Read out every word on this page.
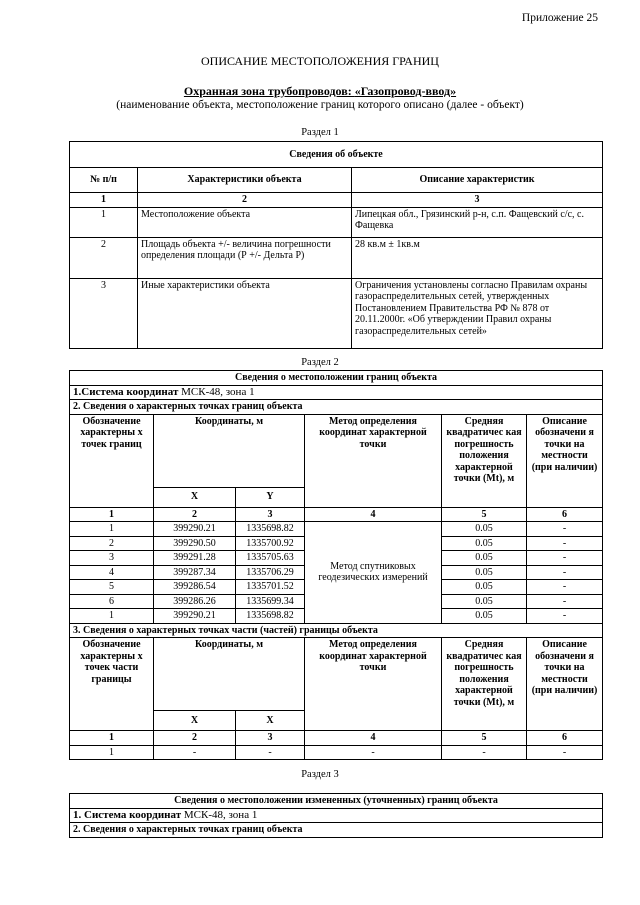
Приложение 25
ОПИСАНИЕ МЕСТОПОЛОЖЕНИЯ ГРАНИЦ
Охранная зона трубопроводов: «Газопровод-ввод»
(наименование объекта, местоположение границ которого описано (далее - объект)
Раздел 1
Сведения об объекте		
№ п/п	Характеристики объекта	Описание характеристик
1	2	3
1	Местоположение объекта	Липецкая обл., Грязинский р-н, с.п. Фащевский с/с, с. Фащевка
2	Площадь объекта +/- величина погрешности определения площади (Р +/- Дельта Р)	28 кв.м ± 1кв.м
3	Иные характеристики объекта	Ограничения установлены согласно Правилам охраны газораспределительных сетей, утвержденных Постановлением Правительства РФ № 878 от 20.11.2000г. «Об утверждении Правил охраны газораспределительных сетей»
Раздел 2
Сведения о местоположении границ объекта					
1.Система координат МСК-48, зона 1					
2. Сведения о характерных точках границ объекта					
Обозначение характерны х точек границ	Координаты, м		Метод определения координат характерной точки	Средняя квадратичес кая погрешность положения характерной точки (Mt), м	Описание обозначени я точки на местности (при наличии)
	X	Y			
1	2	3	4	5	6
1	399290.21	1335698.82	Метод спутниковых геодезических измерений	0.05	-
2	399290.50	1335700.92		0.05	-
3	399291.28	1335705.63		0.05	-
4	399287.34	1335706.29		0.05	-
5	399286.54	1335701.52		0.05	-
6	399286.26	1335699.34		0.05	-
1	399290.21	1335698.82		0.05	-
3. Сведения о характерных точках части (частей) границы объекта					
Обозначение характерны х точек части границы	Координаты, м		Метод определения координат характерной точки	Средняя квадратичес кая погрешность положения характерной точки (Mt), м	Описание обозначени я точки на местности (при наличии)
	X	X			
1	2	3	4	5	6
1	-	-	-	-	-
Раздел 3
Сведения о местоположении измененных (уточненных) границ объекта
1. Система координат МСК-48, зона 1
2. Сведения о характерных точках границ объекта
